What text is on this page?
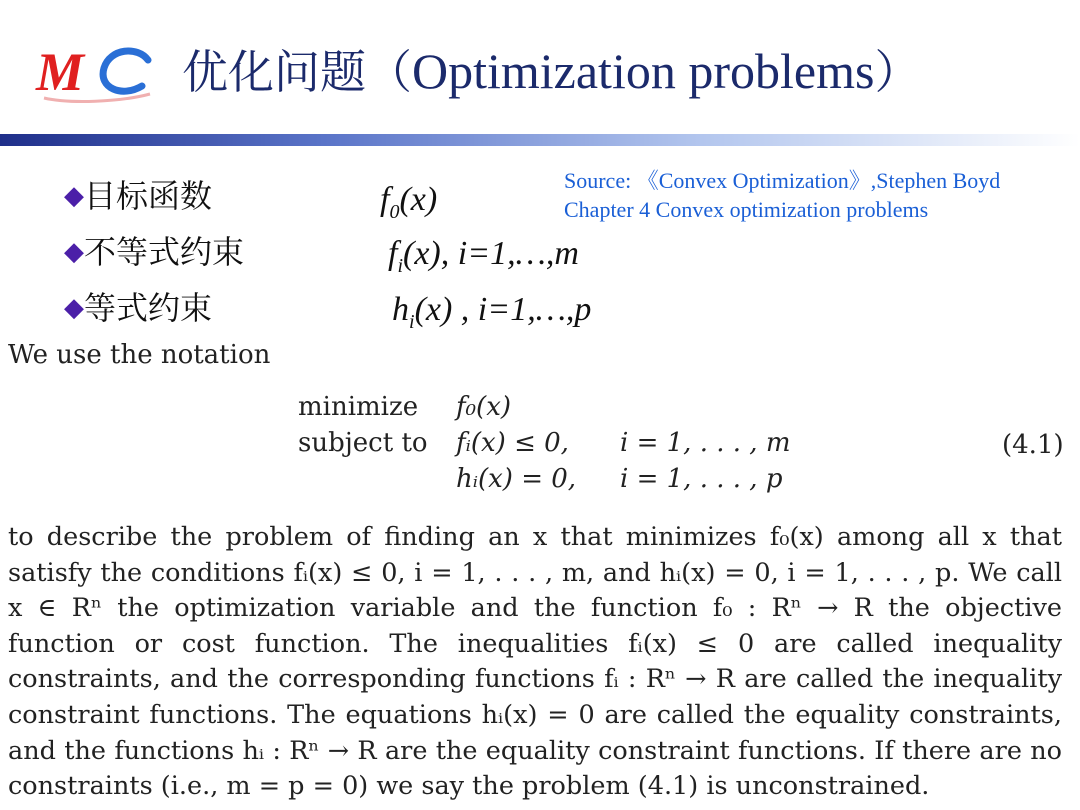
M 优化问题（Optimization problems）
◆目标函数	$f_0(x)$
◆不等式约束	$f_i(x)$, i=1,…,m
◆等式约束	$h_i(x)$ , i=1,…,p
Source: 《Convex Optimization》,Stephen Boyd
Chapter 4 Convex optimization problems
We use the notation
minimize f₀(x)
subject to fᵢ(x) ≤ 0, i = 1, . . . , m
hᵢ(x) = 0, i = 1, . . . , p
(4.1)

to describe the problem of finding an x that minimizes f₀(x) among all x that satisfy the conditions fᵢ(x) ≤ 0, i = 1, . . . , m, and hᵢ(x) = 0, i = 1, . . . , p. We call x ∈ Rⁿ the optimization variable and the function f₀ : Rⁿ → R the objective function or cost function. The inequalities fᵢ(x) ≤ 0 are called inequality constraints, and the corresponding functions fᵢ : Rⁿ → R are called the inequality constraint functions. The equations hᵢ(x) = 0 are called the equality constraints, and the functions hᵢ : Rⁿ → R are the equality constraint functions. If there are no constraints (i.e., m = p = 0) we say the problem (4.1) is unconstrained.
